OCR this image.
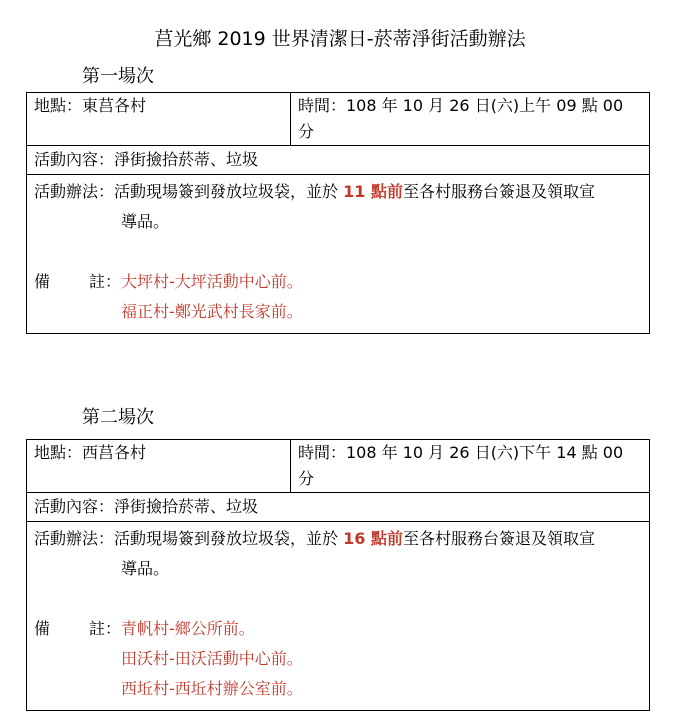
莒光鄉 2019 世界清潔日-菸蒂淨街活動辦法
第一場次
地點：東莒各村	時間：108 年 10 月 26 日(六)上午 09 點 00 分
活動內容：淨街撿拾菸蒂、垃圾

活動辦法： 活動現場簽到發放垃圾袋，並於 11 點前至各村服務台簽退及領取宣
導品。
備 註： 大坪村-大坪活動中心前。
福正村-鄭光武村長家前。
第二場次
地點：西莒各村	時間：108 年 10 月 26 日(六)下午 14 點 00 分
活動內容：淨街撿拾菸蒂、垃圾

活動辦法： 活動現場簽到發放垃圾袋，並於 16 點前至各村服務台簽退及領取宣
導品。
備 註： 青帆村-鄉公所前。
田沃村-田沃活動中心前。
西坵村-西坵村辦公室前。
